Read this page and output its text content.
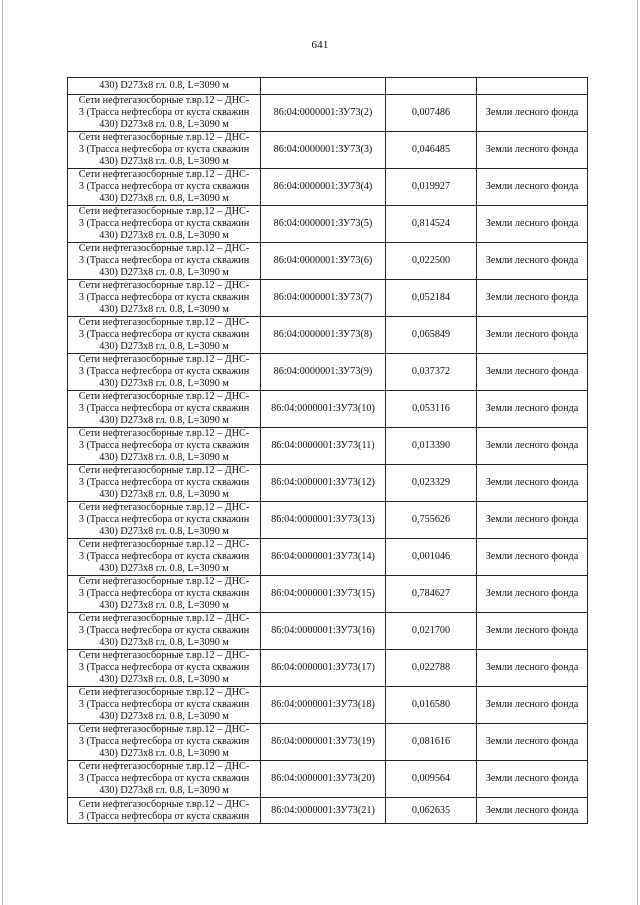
641
430) D273x8 гл. 0.8, L=3090 м			

Сети нефтегазосборные т.вр.12 – ДНС-
3 (Трасса нефтесбора от куста скважин
430) D273x8 гл. 0.8, L=3090 м	86:04:0000001:ЗУ73(2)	0,007486	Земли лесного фонда

Сети нефтегазосборные т.вр.12 – ДНС-
3 (Трасса нефтесбора от куста скважин
430) D273x8 гл. 0.8, L=3090 м	86:04:0000001:ЗУ73(3)	0,046485	Земли лесного фонда

Сети нефтегазосборные т.вр.12 – ДНС-
3 (Трасса нефтесбора от куста скважин
430) D273x8 гл. 0.8, L=3090 м	86:04:0000001:ЗУ73(4)	0,019927	Земли лесного фонда

Сети нефтегазосборные т.вр.12 – ДНС-
3 (Трасса нефтесбора от куста скважин
430) D273x8 гл. 0.8, L=3090 м	86:04:0000001:ЗУ73(5)	0,814524	Земли лесного фонда

Сети нефтегазосборные т.вр.12 – ДНС-
3 (Трасса нефтесбора от куста скважин
430) D273x8 гл. 0.8, L=3090 м	86:04:0000001:ЗУ73(6)	0,022500	Земли лесного фонда

Сети нефтегазосборные т.вр.12 – ДНС-
3 (Трасса нефтесбора от куста скважин
430) D273x8 гл. 0.8, L=3090 м	86:04:0000001:ЗУ73(7)	0,052184	Земли лесного фонда

Сети нефтегазосборные т.вр.12 – ДНС-
3 (Трасса нефтесбора от куста скважин
430) D273x8 гл. 0.8, L=3090 м	86:04:0000001:ЗУ73(8)	0,065849	Земли лесного фонда

Сети нефтегазосборные т.вр.12 – ДНС-
3 (Трасса нефтесбора от куста скважин
430) D273x8 гл. 0.8, L=3090 м	86:04:0000001:ЗУ73(9)	0,037372	Земли лесного фонда

Сети нефтегазосборные т.вр.12 – ДНС-
3 (Трасса нефтесбора от куста скважин
430) D273x8 гл. 0.8, L=3090 м	86:04:0000001:ЗУ73(10)	0,053116	Земли лесного фонда

Сети нефтегазосборные т.вр.12 – ДНС-
3 (Трасса нефтесбора от куста скважин
430) D273x8 гл. 0.8, L=3090 м	86:04:0000001:ЗУ73(11)	0,013390	Земли лесного фонда

Сети нефтегазосборные т.вр.12 – ДНС-
3 (Трасса нефтесбора от куста скважин
430) D273x8 гл. 0.8, L=3090 м	86:04:0000001:ЗУ73(12)	0,023329	Земли лесного фонда

Сети нефтегазосборные т.вр.12 – ДНС-
3 (Трасса нефтесбора от куста скважин
430) D273x8 гл. 0.8, L=3090 м	86:04:0000001:ЗУ73(13)	0,755626	Земли лесного фонда

Сети нефтегазосборные т.вр.12 – ДНС-
3 (Трасса нефтесбора от куста скважин
430) D273x8 гл. 0.8, L=3090 м	86:04:0000001:ЗУ73(14)	0,001046	Земли лесного фонда

Сети нефтегазосборные т.вр.12 – ДНС-
3 (Трасса нефтесбора от куста скважин
430) D273x8 гл. 0.8, L=3090 м	86:04:0000001:ЗУ73(15)	0,784627	Земли лесного фонда

Сети нефтегазосборные т.вр.12 – ДНС-
3 (Трасса нефтесбора от куста скважин
430) D273x8 гл. 0.8, L=3090 м	86:04:0000001:ЗУ73(16)	0,021700	Земли лесного фонда

Сети нефтегазосборные т.вр.12 – ДНС-
3 (Трасса нефтесбора от куста скважин
430) D273x8 гл. 0.8, L=3090 м	86:04:0000001:ЗУ73(17)	0,022788	Земли лесного фонда

Сети нефтегазосборные т.вр.12 – ДНС-
3 (Трасса нефтесбора от куста скважин
430) D273x8 гл. 0.8, L=3090 м	86:04:0000001:ЗУ73(18)	0,016580	Земли лесного фонда

Сети нефтегазосборные т.вр.12 – ДНС-
3 (Трасса нефтесбора от куста скважин
430) D273x8 гл. 0.8, L=3090 м	86:04:0000001:ЗУ73(19)	0,081616	Земли лесного фонда

Сети нефтегазосборные т.вр.12 – ДНС-
3 (Трасса нефтесбора от куста скважин
430) D273x8 гл. 0.8, L=3090 м	86:04:0000001:ЗУ73(20)	0,009564	Земли лесного фонда

Сети нефтегазосборные т.вр.12 – ДНС-
3 (Трасса нефтесбора от куста скважин	86:04:0000001:ЗУ73(21)	0,062635	Земли лесного фонда
